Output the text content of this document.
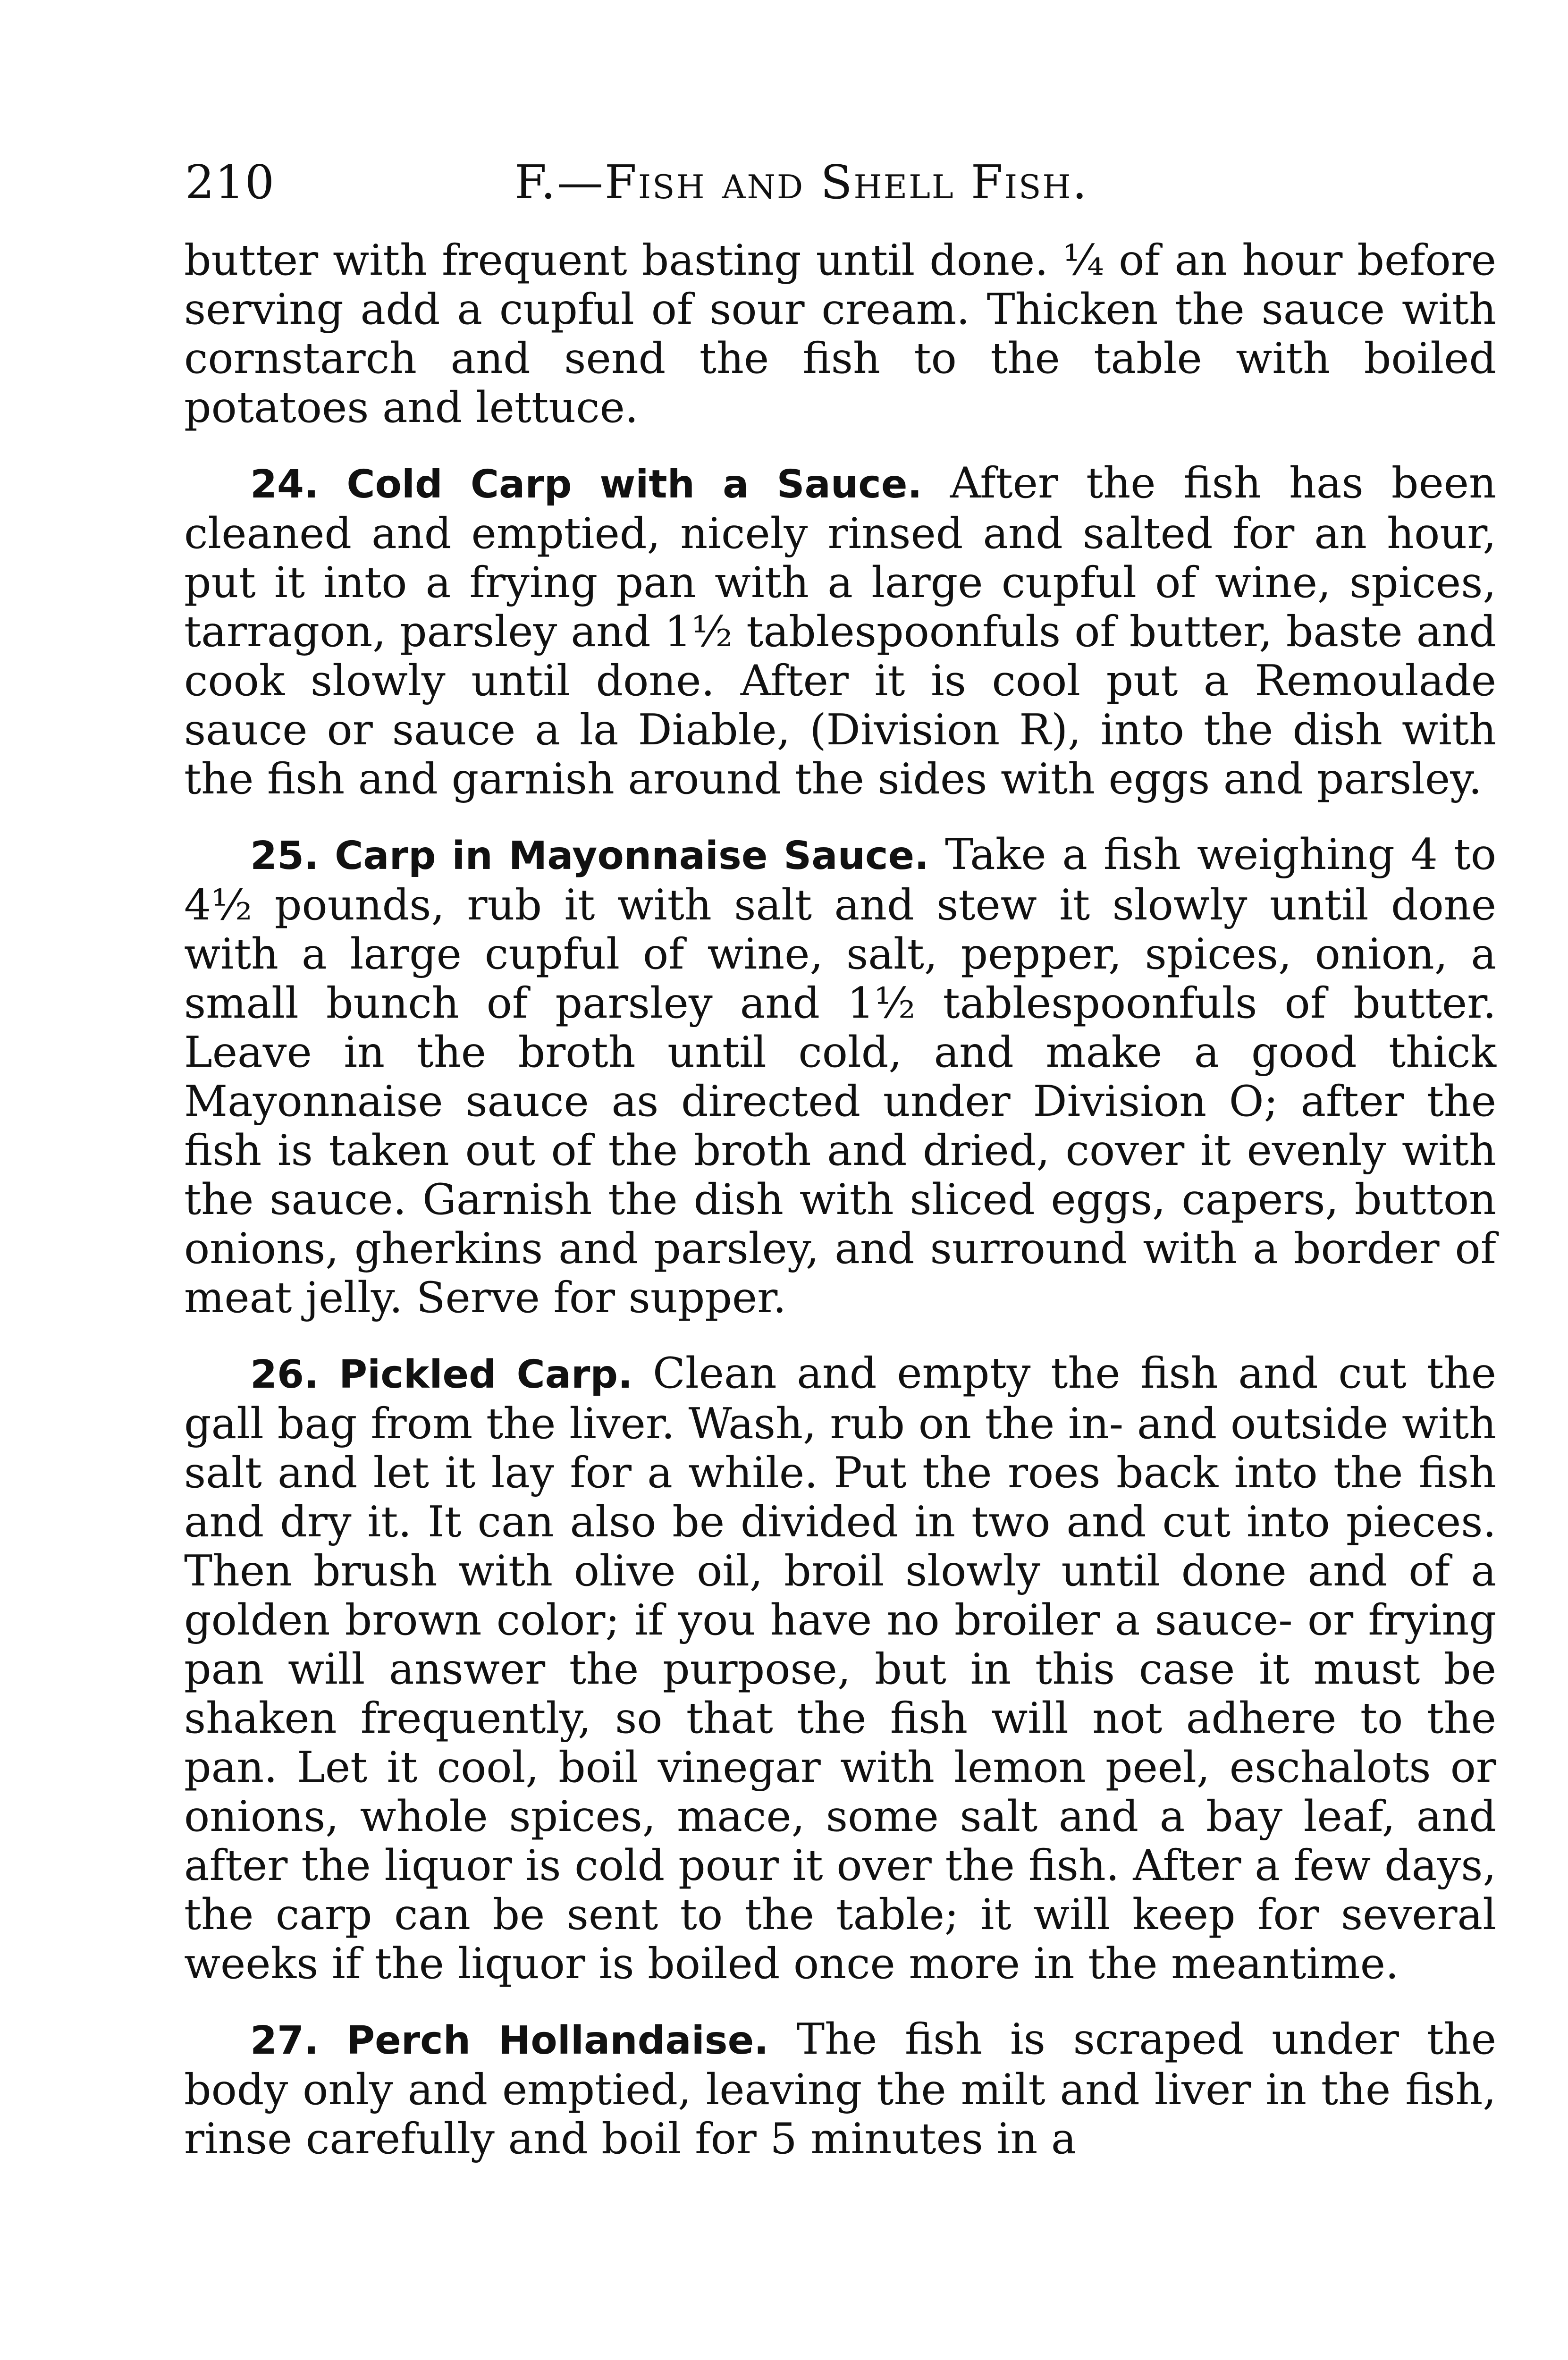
210	F.—Fish and Shell Fish.

butter with frequent basting until done. ¼ of an hour before serving add a cupful of sour cream. Thicken the sauce with cornstarch and send the fish to the table with boiled potatoes and lettuce.

24. Cold Carp with a Sauce. After the fish has been cleaned and emptied, nicely rinsed and salted for an hour, put it into a frying pan with a large cupful of wine, spices, tarragon, parsley and 1½ tablespoonfuls of butter, baste and cook slowly until done. After it is cool put a Remoulade sauce or sauce a la Diable, (Division R), into the dish with the fish and garnish around the sides with eggs and parsley.

25. Carp in Mayonnaise Sauce. Take a fish weighing 4 to 4½ pounds, rub it with salt and stew it slowly until done with a large cupful of wine, salt, pepper, spices, onion, a small bunch of parsley and 1½ tablespoonfuls of butter. Leave in the broth until cold, and make a good thick Mayonnaise sauce as directed under Division O; after the fish is taken out of the broth and dried, cover it evenly with the sauce. Garnish the dish with sliced eggs, capers, button onions, gherkins and parsley, and surround with a border of meat jelly. Serve for supper.

26. Pickled Carp. Clean and empty the fish and cut the gall bag from the liver. Wash, rub on the in- and outside with salt and let it lay for a while. Put the roes back into the fish and dry it. It can also be divided in two and cut into pieces. Then brush with olive oil, broil slowly until done and of a golden brown color; if you have no broiler a sauce- or frying pan will answer the purpose, but in this case it must be shaken frequently, so that the fish will not adhere to the pan. Let it cool, boil vinegar with lemon peel, eschalots or onions, whole spices, mace, some salt and a bay leaf, and after the liquor is cold pour it over the fish. After a few days, the carp can be sent to the table; it will keep for several weeks if the liquor is boiled once more in the meantime.

27. Perch Hollandaise. The fish is scraped under the body only and emptied, leaving the milt and liver in the fish, rinse carefully and boil for 5 minutes in a
